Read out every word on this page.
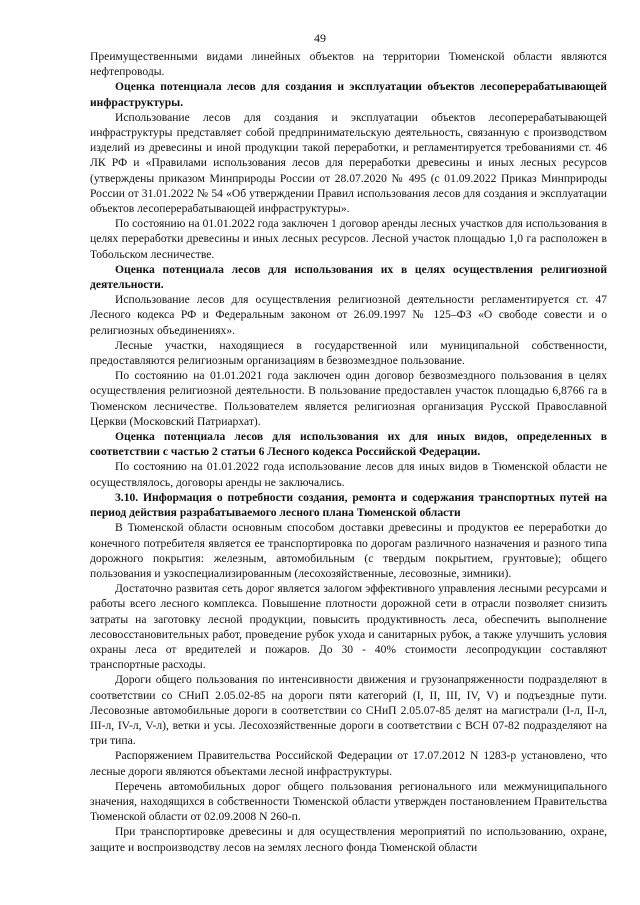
49

Преимущественными видами линейных объектов на территории Тюменской области являются нефтепроводы.

Оценка потенциала лесов для создания и эксплуатации объектов лесоперерабатывающей инфраструктуры.

Использование лесов для создания и эксплуатации объектов лесоперерабатывающей инфраструктуры представляет собой предпринимательскую деятельность, связанную с производством изделий из древесины и иной продукции такой переработки, и регламентируется требованиями ст. 46 ЛК РФ и «Правилами использования лесов для переработки древесины и иных лесных ресурсов (утверждены приказом Минприроды России от 28.07.2020 № 495 (с 01.09.2022 Приказ Минприроды России от 31.01.2022 № 54 «Об утверждении Правил использования лесов для создания и эксплуатации объектов лесоперерабатывающей инфраструктуры».

По состоянию на 01.01.2022 года заключен 1 договор аренды лесных участков для использования в целях переработки древесины и иных лесных ресурсов. Лесной участок площадью 1,0 га расположен в Тобольском лесничестве.

Оценка потенциала лесов для использования их в целях осуществления религиозной деятельности.

Использование лесов для осуществления религиозной деятельности регламентируется ст. 47 Лесного кодекса РФ и Федеральным законом от 26.09.1997 № 125–ФЗ «О свободе совести и о религиозных объединениях».

Лесные участки, находящиеся в государственной или муниципальной собственности, предоставляются религиозным организациям в безвозмездное пользование.

По состоянию на 01.01.2021 года заключен один договор безвозмездного пользования в целях осуществления религиозной деятельности. В пользование предоставлен участок площадью 6,8766 га в Тюменском лесничестве. Пользователем является религиозная организация Русской Православной Церкви (Московский Патриархат).

Оценка потенциала лесов для использования их для иных видов, определенных в соответствии с частью 2 статьи 6 Лесного кодекса Российской Федерации.

По состоянию на 01.01.2022 года использование лесов для иных видов в Тюменской области не осуществлялось, договоры аренды не заключались.

3.10. Информация о потребности создания, ремонта и содержания транспортных путей на период действия разрабатываемого лесного плана Тюменской области

В Тюменской области основным способом доставки древесины и продуктов ее переработки до конечного потребителя является ее транспортировка по дорогам различного назначения и разного типа дорожного покрытия: железным, автомобильным (с твердым покрытием, грунтовые); общего пользования и узкоспециализированным (лесохозяйственные, лесовозные, зимники).

Достаточно развитая сеть дорог является залогом эффективного управления лесными ресурсами и работы всего лесного комплекса. Повышение плотности дорожной сети в отрасли позволяет снизить затраты на заготовку лесной продукции, повысить продуктивность леса, обеспечить выполнение лесовосстановительных работ, проведение рубок ухода и санитарных рубок, а также улучшить условия охраны леса от вредителей и пожаров. До 30 - 40% стоимости лесопродукции составляют транспортные расходы.

Дороги общего пользования по интенсивности движения и грузонапряженности подразделяют в соответствии со СНиП 2.05.02-85 на дороги пяти категорий (I, II, III, IV, V) и подъездные пути. Лесовозные автомобильные дороги в соответствии со СНиП 2.05.07-85 делят на магистрали (I-л, II-л, III-л, IV-л, V-л), ветки и усы. Лесохозяйственные дороги в соответствии с ВСН 07-82 подразделяют на три типа.

Распоряжением Правительства Российской Федерации от 17.07.2012 N 1283-р установлено, что лесные дороги являются объектами лесной инфраструктуры.

Перечень автомобильных дорог общего пользования регионального или межмуниципального значения, находящихся в собственности Тюменской области утвержден постановлением Правительства Тюменской области от 02.09.2008 N 260-п.

При транспортировке древесины и для осуществления мероприятий по использованию, охране, защите и воспроизводству лесов на землях лесного фонда Тюменской области
